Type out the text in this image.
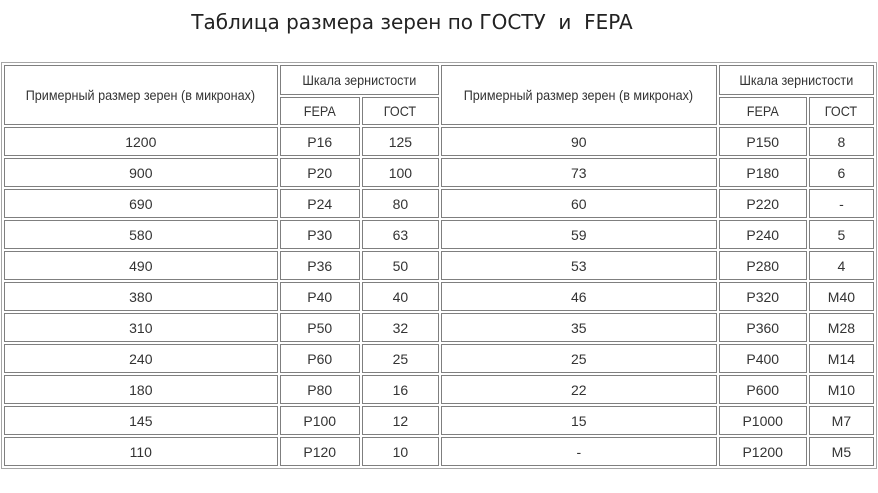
Таблица размера зерен по ГОСТУ  и  FEPA
Примерный размер зерен (в микронах)	Шкала зернистости		Примерный размер зерен (в микронах)	Шкала зернистости	
	FEPA	ГОСТ		FEPA	ГОСТ
1200	P16	125	90	P150	8
900	P20	100	73	P180	6
690	P24	80	60	P220	-
580	P30	63	59	P240	5
490	P36	50	53	P280	4
380	P40	40	46	P320	M40
310	P50	32	35	P360	M28
240	P60	25	25	P400	M14
180	P80	16	22	P600	M10
145	P100	12	15	P1000	M7
110	P120	10	-	P1200	M5
